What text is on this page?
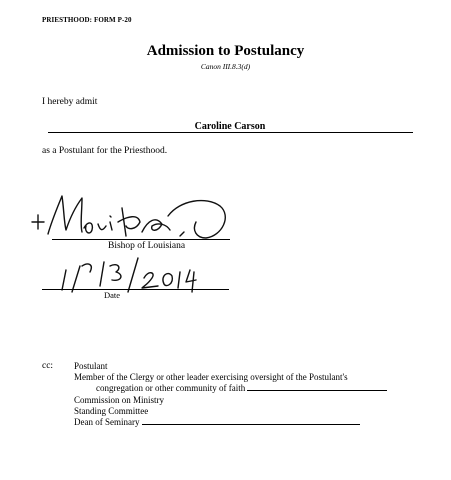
PRIESTHOOD: FORM P-20
Admission to Postulancy
Canon III.8.3(d)
I hereby admit
Caroline Carson
as a Postulant for the Priesthood.
Bishop of Louisiana
Date
cc: Postulant
Member of the Clergy or other leader exercising oversight of the Postulant's
congregation or other community of faith
Commission on Ministry
Standing Committee
Dean of Seminary
